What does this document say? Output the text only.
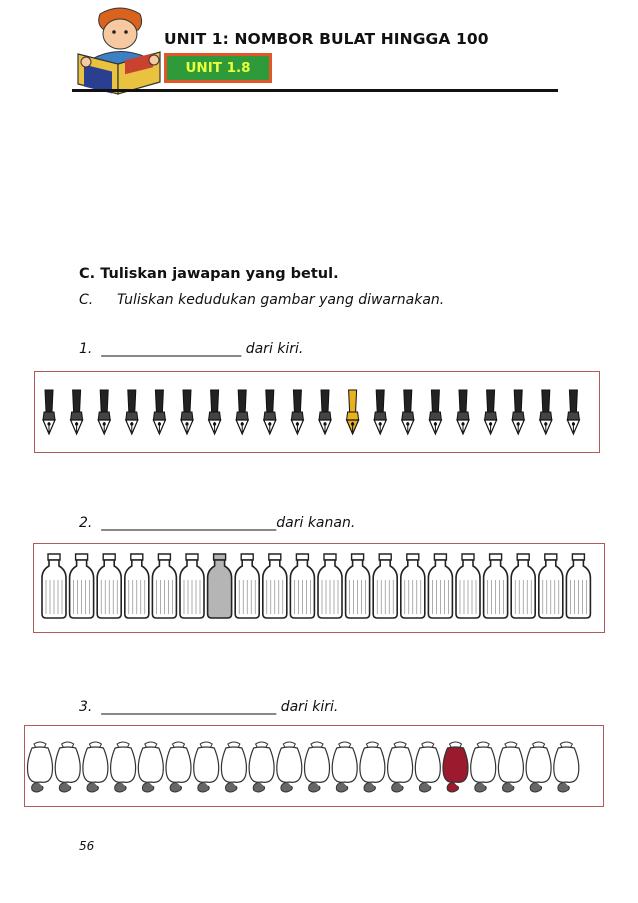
UNIT 1: NOMBOR BULAT HINGGA 100
UNIT 1.8
C. Tuliskan jawapan yang betul.
C. Tuliskan kedudukan gambar yang diwarnakan.
1. ____________________ dari kiri.
2. _________________________dari kanan.
3. _________________________ dari kiri.
56
